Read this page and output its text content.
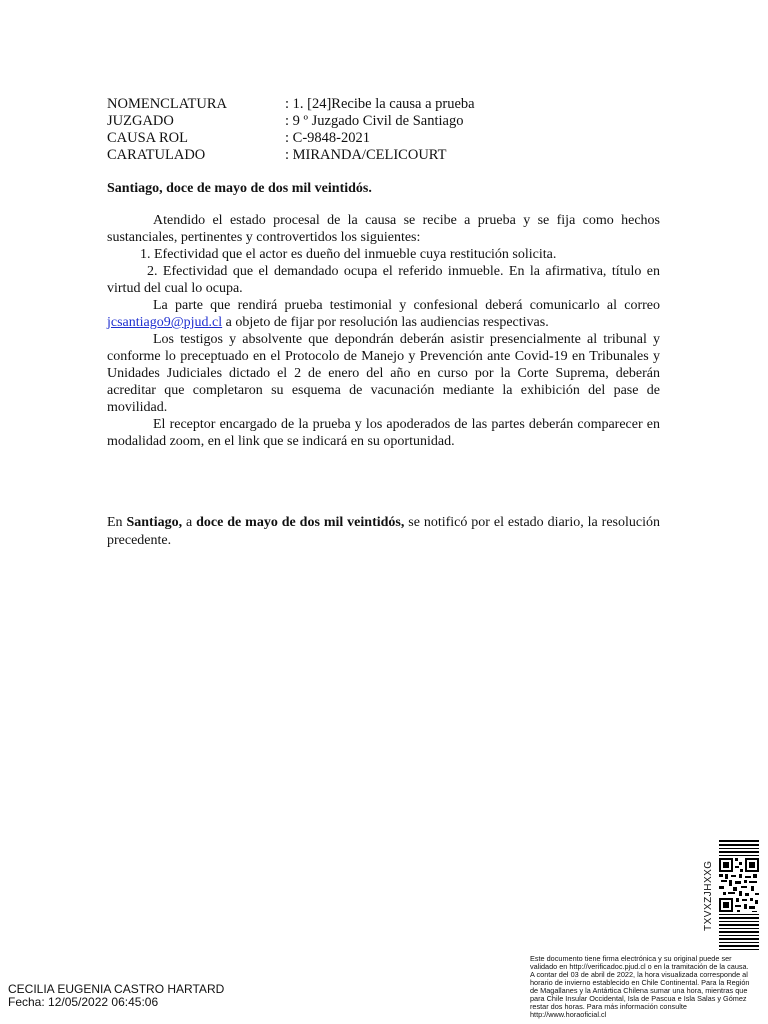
NOMENCLATURA	: 1. [24]Recibe la causa a prueba
JUZGADO	: 9 º Juzgado Civil de Santiago
CAUSA ROL	: C-9848-2021
CARATULADO	: MIRANDA/CELICOURT
Santiago, doce de mayo de dos mil veintidós.

Atendido el estado procesal de la causa se recibe a prueba y se fija como hechos sustanciales, pertinentes y controvertidos los siguientes:

1. Efectividad que el actor es dueño del inmueble cuya restitución solicita.

2. Efectividad que el demandado ocupa el referido inmueble. En la afirmativa, título en virtud del cual lo ocupa.

La parte que rendirá prueba testimonial y confesional deberá comunicarlo al correo jcsantiago9@pjud.cl a objeto de fijar por resolución las audiencias respectivas.

Los testigos y absolvente que depondrán deberán asistir presencialmente al tribunal y conforme lo preceptuado en el Protocolo de Manejo y Prevención ante Covid-19 en Tribunales y Unidades Judiciales dictado el 2 de enero del año en curso por la Corte Suprema, deberán acreditar que completaron su esquema de vacunación mediante la exhibición del pase de movilidad.

El receptor encargado de la prueba y los apoderados de las partes deberán comparecer en modalidad zoom, en el link que se indicará en su oportunidad.

En Santiago, a doce de mayo de dos mil veintidós, se notificó por el estado diario, la resolución precedente.
TXVXZJHXXG

Este documento tiene firma electrónica y su original puede ser validado en http://verificadoc.pjud.cl o en la tramitación de la causa.

A contar del 03 de abril de 2022, la hora visualizada corresponde al horario de invierno establecido en Chile Continental. Para la Región de Magallanes y la Antártica Chilena sumar una hora, mientras que para Chile Insular Occidental, Isla de Pascua e Isla Salas y Gómez restar dos horas. Para más información consulte http://www.horaoficial.cl

CECILIA EUGENIA CASTRO HARTARD
Fecha: 12/05/2022 06:45:06
